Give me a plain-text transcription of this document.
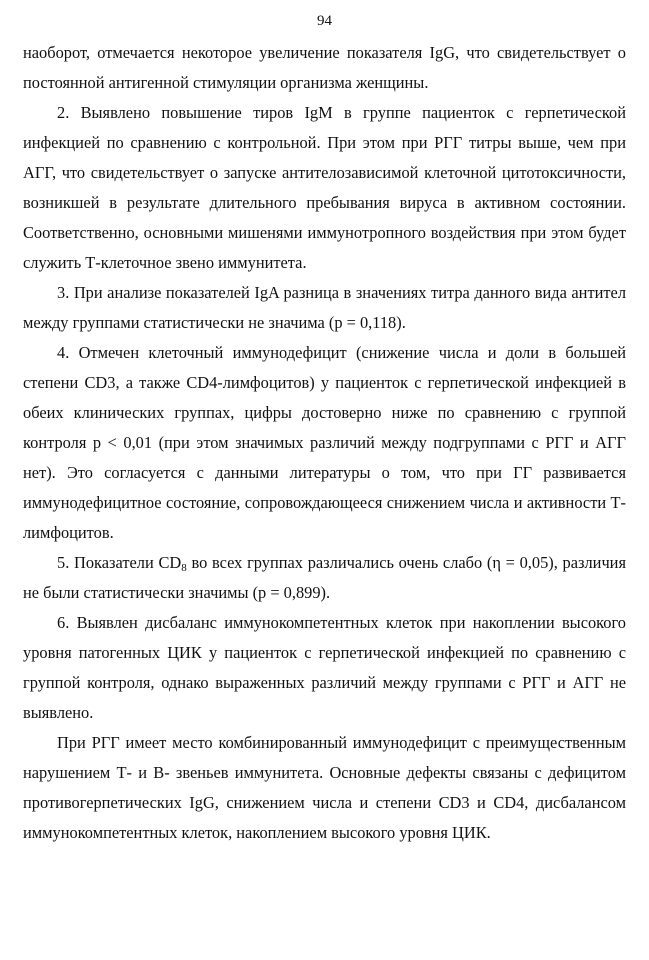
94

наоборот, отмечается некоторое увеличение показателя IgG, что свидетельствует о постоянной антигенной стимуляции организма женщины.

2. Выявлено повышение тиров IgM в группе пациенток с герпетической инфекцией по сравнению с контрольной. При этом при РГГ титры выше, чем при АГГ, что свидетельствует о запуске антителозависимой клеточной цитотоксичности, возникшей в результате длительного пребывания вируса в активном состоянии. Соответственно, основными мишенями иммунотропного воздействия при этом будет служить Т-клеточное звено иммунитета.

3. При анализе показателей IgA разница в значениях титра данного вида антител между группами статистически не значима (p = 0,118).

4. Отмечен клеточный иммунодефицит (снижение числа и доли в большей степени CD3, а также CD4-лимфоцитов) у пациенток с герпетической инфекцией в обеих клинических группах, цифры достоверно ниже по сравнению с группой контроля p < 0,01 (при этом значимых различий между подгруппами с РГГ и АГГ нет). Это согласуется с данными литературы о том, что при ГГ развивается иммунодефицитное состояние, сопровождающееся снижением числа и активности Т-лимфоцитов.

5. Показатели $CD_8$ во всех группах различались очень слабо (η = 0,05), различия не были статистически значимы (p = 0,899).

6. Выявлен дисбаланс иммунокомпетентных клеток при накоплении высокого уровня патогенных ЦИК у пациенток с герпетической инфекцией по сравнению с группой контроля, однако выраженных различий между группами с РГГ и АГГ не выявлено.

При РГГ имеет место комбинированный иммунодефицит с преимущественным нарушением Т- и В- звеньев иммунитета. Основные дефекты связаны с дефицитом противогерпетических IgG, снижением числа и степени CD3 и CD4, дисбалансом иммунокомпетентных клеток, накоплением высокого уровня ЦИК.
